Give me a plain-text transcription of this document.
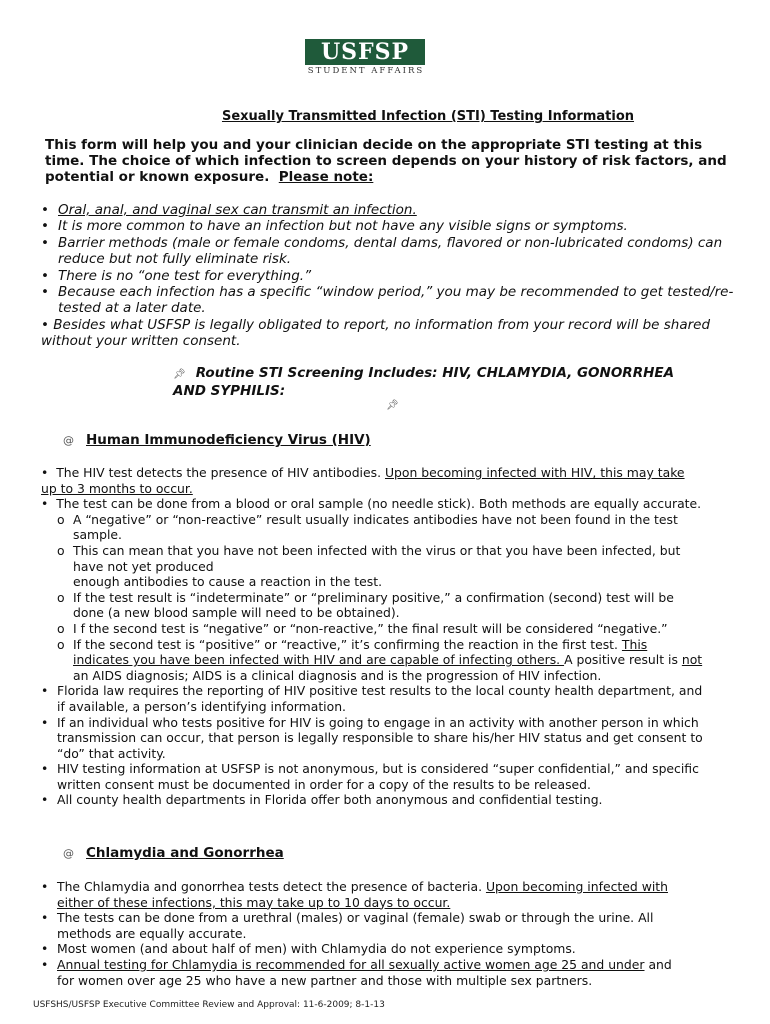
USFSP
STUDENT AFFAIRS
Sexually Transmitted Infection (STI) Testing Information
This form will help you and your clinician decide on the appropriate STI testing at this time. The choice of which infection to screen depends on your history of risk factors, and potential or known exposure. Please note:
• Oral, anal, and vaginal sex can transmit an infection.
• It is more common to have an infection but not have any visible signs or symptoms.
• Barrier methods (male or female condoms, dental dams, flavored or non-lubricated condoms) can reduce but not fully eliminate risk.
• There is no “one test for everything.”
• Because each infection has a specific “window period,” you may be recommended to get tested/re-tested at a later date.
• Besides what USFSP is legally obligated to report, no information from your record will be shared without your written consent.
📌︎ Routine STI Screening Includes: HIV, CHLAMYDIA, GONORRHEA AND SYPHILIS:
📌︎
@ Human Immunodeficiency Virus (HIV)
• The HIV test detects the presence of HIV antibodies. Upon becoming infected with HIV, this may take up to 3 months to occur.
• The test can be done from a blood or oral sample (no needle stick). Both methods are equally accurate.
o A “negative” or “non-reactive” result usually indicates antibodies have not been found in the test sample.
o This can mean that you have not been infected with the virus or that you have been infected, but have not yet produced
enough antibodies to cause a reaction in the test.
o If the test result is “indeterminate” or “preliminary positive,” a confirmation (second) test will be done (a new blood sample will need to be obtained).
o I f the second test is “negative” or “non-reactive,” the final result will be considered “negative.”
o If the second test is “positive” or “reactive,” it’s confirming the reaction in the first test. This indicates you have been infected with HIV and are capable of infecting others. A positive result is not an AIDS diagnosis; AIDS is a clinical diagnosis and is the progression of HIV infection.
• Florida law requires the reporting of HIV positive test results to the local county health department, and if available, a person’s identifying information.
• If an individual who tests positive for HIV is going to engage in an activity with another person in which transmission can occur, that person is legally responsible to share his/her HIV status and get consent to “do” that activity.
• HIV testing information at USFSP is not anonymous, but is considered “super confidential,” and specific written consent must be documented in order for a copy of the results to be released.
• All county health departments in Florida offer both anonymous and confidential testing.
@ Chlamydia and Gonorrhea
• The Chlamydia and gonorrhea tests detect the presence of bacteria. Upon becoming infected with either of these infections, this may take up to 10 days to occur.
• The tests can be done from a urethral (males) or vaginal (female) swab or through the urine. All methods are equally accurate.
• Most women (and about half of men) with Chlamydia do not experience symptoms.
• Annual testing for Chlamydia is recommended for all sexually active women age 25 and under and for women over age 25 who have a new partner and those with multiple sex partners.
USFSHS/USFSP Executive Committee Review and Approval: 11-6-2009; 8-1-13
